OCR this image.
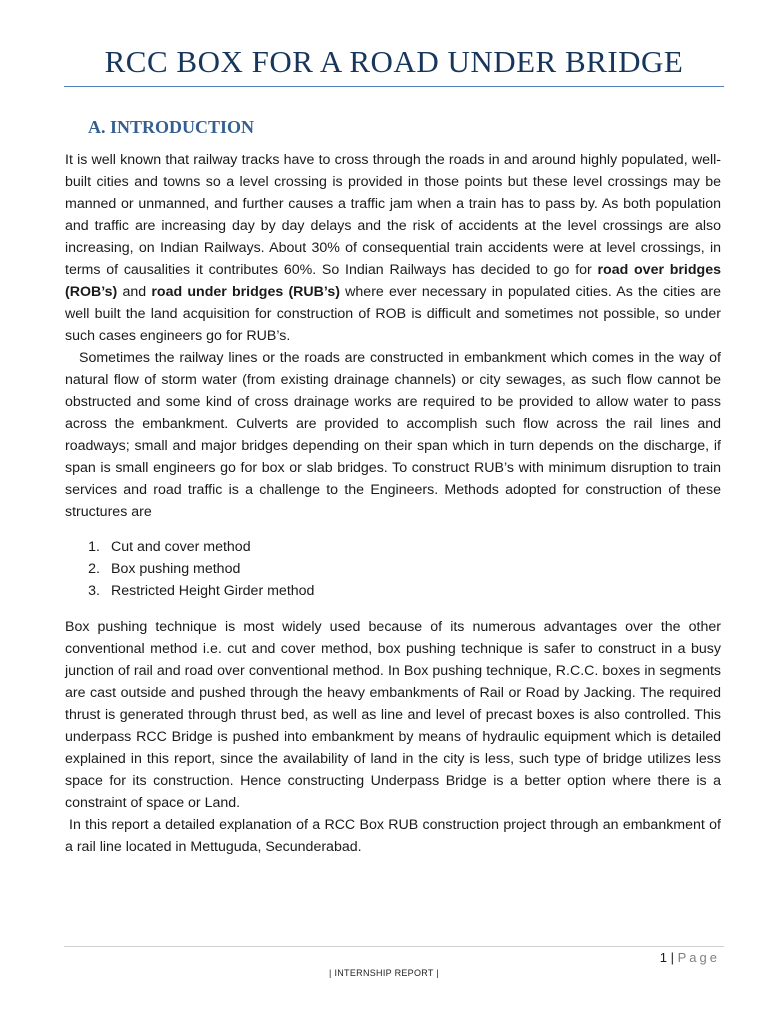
RCC BOX FOR A ROAD UNDER BRIDGE
A. INTRODUCTION

It is well known that railway tracks have to cross through the roads in and around highly populated, well-built cities and towns so a level crossing is provided in those points but these level crossings may be manned or unmanned, and further causes a traffic jam when a train has to pass by. As both population and traffic are increasing day by day delays and the risk of accidents at the level crossings are also increasing, on Indian Railways. About 30% of consequential train accidents were at level crossings, in terms of causalities it contributes 60%. So Indian Railways has decided to go for road over bridges (ROB’s) and road under bridges (RUB’s) where ever necessary in populated cities. As the cities are well built the land acquisition for construction of ROB is difficult and sometimes not possible, so under such cases engineers go for RUB’s.

Sometimes the railway lines or the roads are constructed in embankment which comes in the way of natural flow of storm water (from existing drainage channels) or city sewages, as such flow cannot be obstructed and some kind of cross drainage works are required to be provided to allow water to pass across the embankment. Culverts are provided to accomplish such flow across the rail lines and roadways; small and major bridges depending on their span which in turn depends on the discharge, if span is small engineers go for box or slab bridges. To construct RUB’s with minimum disruption to train services and road traffic is a challenge to the Engineers. Methods adopted for construction of these structures are

1. Cut and cover method
2. Box pushing method
3. Restricted Height Girder method

Box pushing technique is most widely used because of its numerous advantages over the other conventional method i.e. cut and cover method, box pushing technique is safer to construct in a busy junction of rail and road over conventional method. In Box pushing technique, R.C.C. boxes in segments are cast outside and pushed through the heavy embankments of Rail or Road by Jacking. The required thrust is generated through thrust bed, as well as line and level of precast boxes is also controlled. This underpass RCC Bridge is pushed into embankment by means of hydraulic equipment which is detailed explained in this report, since the availability of land in the city is less, such type of bridge utilizes less space for its construction. Hence constructing Underpass Bridge is a better option where there is a constraint of space or Land.

In this report a detailed explanation of a RCC Box RUB construction project through an embankment of a rail line located in Mettuguda, Secunderabad.

1 | Page
| INTERNSHIP REPORT |
